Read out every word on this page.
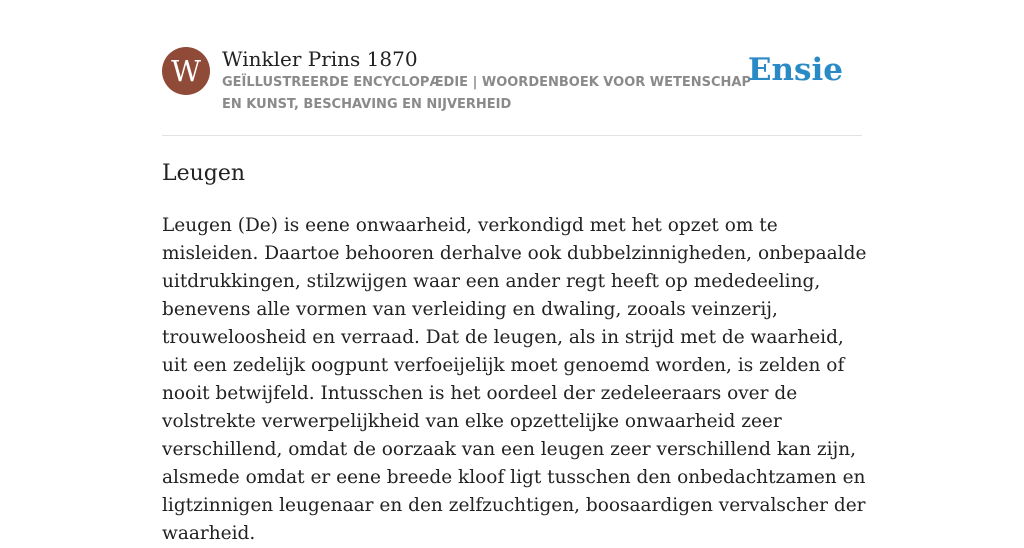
W	Winkler Prins 1870
GEÏLLUSTREERDE ENCYCLOPÆDIE | WOORDENBOEK VOOR WETENSCHAP EN KUNST, BESCHAVING EN NIJVERHEID
Ensie
Leugen

Leugen (De) is eene onwaarheid, verkondigd met het opzet om te misleiden. Daartoe behooren derhalve ook dubbelzinnigheden, onbepaalde uitdrukkingen, stilzwijgen waar een ander regt heeft op mededeeling, benevens alle vormen van verleiding en dwaling, zooals veinzerij, trouweloosheid en verraad. Dat de leugen, als in strijd met de waarheid, uit een zedelijk oogpunt verfoeijelijk moet genoemd worden, is zelden of nooit betwijfeld. Intusschen is het oordeel der zedeleeraars over de volstrekte verwerpelijkheid van elke opzettelijke onwaarheid zeer verschillend, omdat de oorzaak van een leugen zeer verschillend kan zijn, alsmede omdat er eene breede kloof ligt tusschen den onbedachtzamen en ligtzinnigen leugenaar en den zelfzuchtigen, boosaardigen vervalscher der waarheid.
